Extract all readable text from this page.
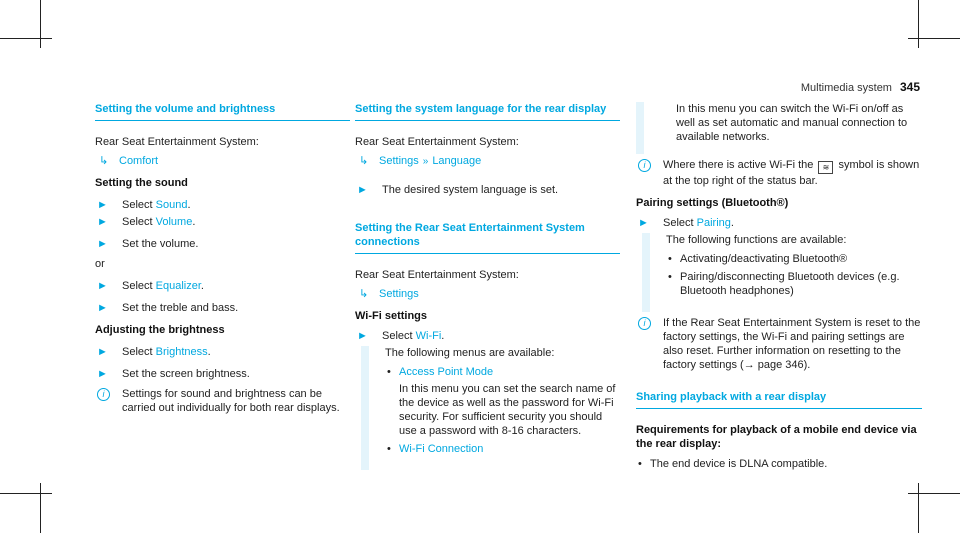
Multimedia system 345
Setting the volume and brightness
Rear Seat Entertainment System:
↳ Comfort
Setting the sound
►	Select Sound.
►	Select Volume.
►	Set the volume.
or
►	Select Equalizer.
►	Set the treble and bass.
Adjusting the brightness
►	Select Brightness.
►	Set the screen brightness.
i	Settings for sound and brightness can be carried out individually for both rear displays.
Setting the system language for the rear display
Rear Seat Entertainment System:
↳ Settings » Language
►	The desired system language is set.
Setting the Rear Seat Entertainment System connections
Rear Seat Entertainment System:
↳ Settings
Wi-Fi settings
►	Select Wi-Fi.
The following menus are available:
• Access Point Mode
In this menu you can set the search name of the device as well as the password for Wi-Fi security. For sufficient security you should use a password with 8-16 characters.
• Wi-Fi Connection
In this menu you can switch the Wi-Fi on/off as well as set automatic and manual connection to available networks.
i	Where there is active Wi-Fi the ≋ symbol is shown at the top right of the status bar.
Pairing settings (Bluetooth®)
►	Select Pairing.
The following functions are available:
• Activating/deactivating Bluetooth®
• Pairing/disconnecting Bluetooth devices (e.g. Bluetooth headphones)
i	If the Rear Seat Entertainment System is reset to the factory settings, the Wi-Fi and pairing settings are also reset. Further information on resetting to the factory settings (→ page 346).
Sharing playback with a rear display
Requirements for playback of a mobile end device via the rear display:
• The end device is DLNA compatible.
